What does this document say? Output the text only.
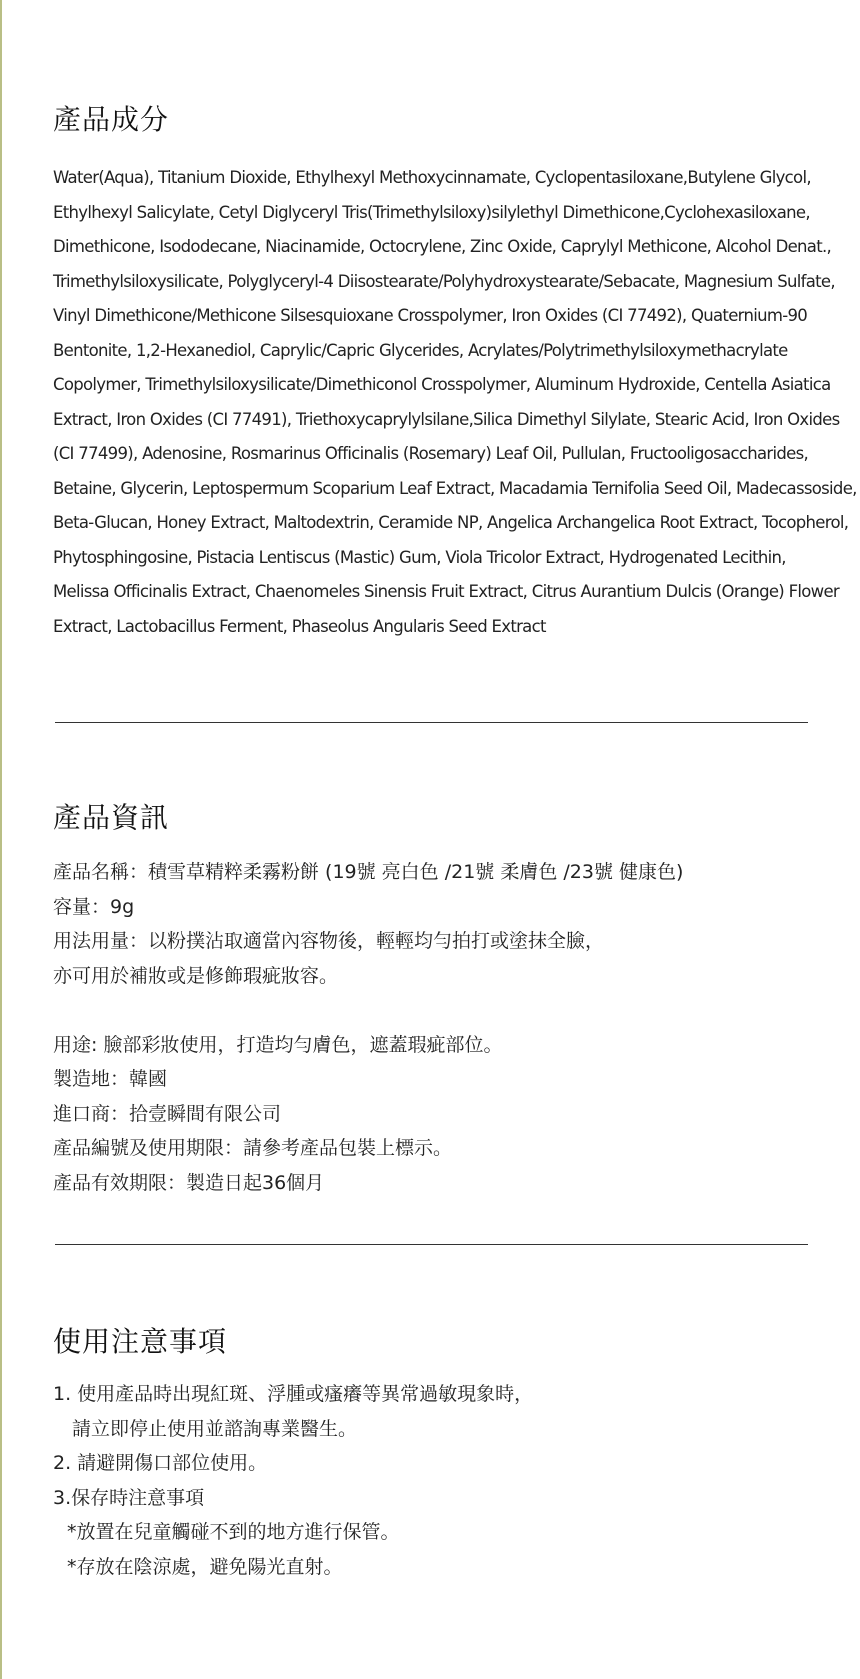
產品成分
Water(Aqua), Titanium Dioxide, Ethylhexyl Methoxycinnamate, Cyclopentasiloxane,Butylene Glycol,
Ethylhexyl Salicylate, Cetyl Diglyceryl Tris(Trimethylsiloxy)silylethyl Dimethicone,Cyclohexasiloxane,
Dimethicone, Isododecane, Niacinamide, Octocrylene, Zinc Oxide, Caprylyl Methicone, Alcohol Denat.,
Trimethylsiloxysilicate, Polyglyceryl-4 Diisostearate/Polyhydroxystearate/Sebacate, Magnesium Sulfate,
Vinyl Dimethicone/Methicone Silsesquioxane Crosspolymer, Iron Oxides (CI 77492), Quaternium-90
Bentonite, 1,2-Hexanediol, Caprylic/Capric Glycerides, Acrylates/Polytrimethylsiloxymethacrylate
Copolymer, Trimethylsiloxysilicate/Dimethiconol Crosspolymer, Aluminum Hydroxide, Centella Asiatica
Extract, Iron Oxides (CI 77491), Triethoxycaprylylsilane,Silica Dimethyl Silylate, Stearic Acid, Iron Oxides
(CI 77499), Adenosine, Rosmarinus Officinalis (Rosemary) Leaf Oil, Pullulan, Fructooligosaccharides,
Betaine, Glycerin, Leptospermum Scoparium Leaf Extract, Macadamia Ternifolia Seed Oil, Madecassoside,
Beta-Glucan, Honey Extract, Maltodextrin, Ceramide NP, Angelica Archangelica Root Extract, Tocopherol,
Phytosphingosine, Pistacia Lentiscus (Mastic) Gum, Viola Tricolor Extract, Hydrogenated Lecithin,
Melissa Officinalis Extract, Chaenomeles Sinensis Fruit Extract, Citrus Aurantium Dulcis (Orange) Flower
Extract, Lactobacillus Ferment, Phaseolus Angularis Seed Extract
產品資訊
產品名稱：積雪草精粹柔霧粉餅 (19號 亮白色 /21號 柔膚色 /23號 健康色)
容量：9g
用法用量：以粉撲沾取適當內容物後，輕輕均勻拍打或塗抹全臉，
亦可用於補妝或是修飾瑕疵妝容。
用途: 臉部彩妝使用，打造均勻膚色，遮蓋瑕疵部位。
製造地：韓國
進口商：拾壹瞬間有限公司
產品編號及使用期限：請參考產品包裝上標示。
產品有效期限：製造日起36個月
使用注意事項
1. 使用產品時出現紅斑、浮腫或瘙癢等異常過敏現象時，
請立即停止使用並諮詢專業醫生。
2. 請避開傷口部位使用。
3.保存時注意事項
*放置在兒童觸碰不到的地方進行保管。
*存放在陰涼處，避免陽光直射。
